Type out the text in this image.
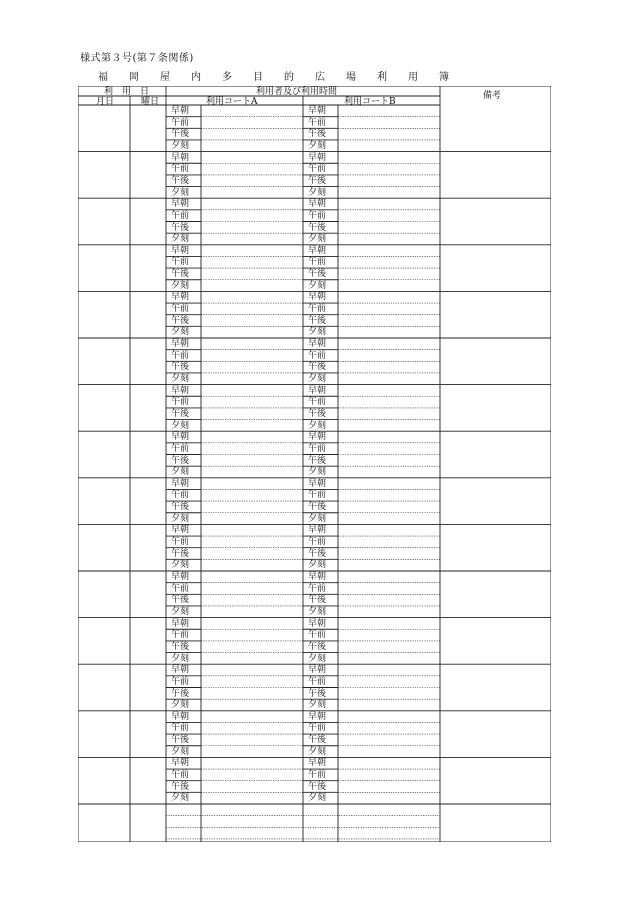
様式第３号(第７条関係)
福 岡 屋 内 多 目 的 広 場 利 用 簿
利　用　日	利用者及び利用時間	備考
月日	曜日	利用コートA	利用コートB
早朝	早朝
午前	午前
午後	午後
夕刻	夕刻
早朝	早朝
午前	午前
午後	午後
夕刻	夕刻
早朝	早朝
午前	午前
午後	午後
夕刻	夕刻
早朝	早朝
午前	午前
午後	午後
夕刻	夕刻
早朝	早朝
午前	午前
午後	午後
夕刻	夕刻
早朝	早朝
午前	午前
午後	午後
夕刻	夕刻
早朝	早朝
午前	午前
午後	午後
夕刻	夕刻
早朝	早朝
午前	午前
午後	午後
夕刻	夕刻
早朝	早朝
午前	午前
午後	午後
夕刻	夕刻
早朝	早朝
午前	午前
午後	午後
夕刻	夕刻
早朝	早朝
午前	午前
午後	午後
夕刻	夕刻
早朝	早朝
午前	午前
午後	午後
夕刻	夕刻
早朝	早朝
午前	午前
午後	午後
夕刻	夕刻
早朝	早朝
午前	午前
午後	午後
夕刻	夕刻
早朝	早朝
午前	午前
午後	午後
夕刻	夕刻
